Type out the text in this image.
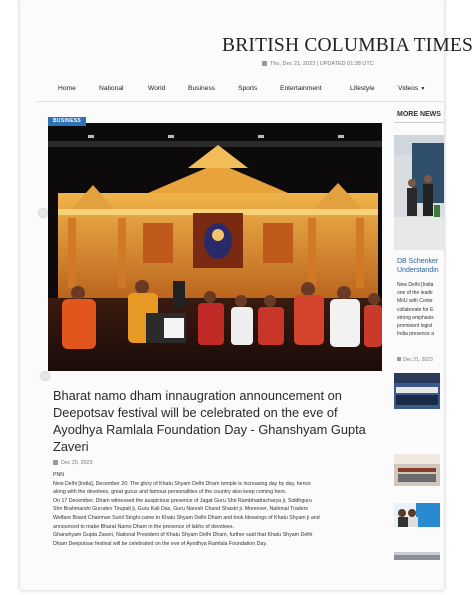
BRITISH COLUMBIA TIMES
Thu, Dec 21, 2023 | UPDATED 01:38 UTC
Home	National	World	Business	Sports	Entertainment	Lifestyle	Videos ▼
BUSINESS
Bharat namo dham innaugration announcement on Deepotsav festival will be celebrated on the eve of Ayodhya Ramlala Foundation Day - Ghanshyam Gupta Zaveri
Dec 20, 2023

PNN

New Delhi [India], December 20: The glory of Khatu Shyam Delhi Dham temple is increasing day by day, hence
along with the devotees, great gurus and famous personalities of the country also keep coming here.

On 17 December, Dham witnessed the auspicious presence of Jagat Guru Shri Rambhadracharya ji, Siddhguru
Shri Brahmarshi Gurudev Tirupati ji, Guru Kali Das, Guru Naresh Chand Shastri ji. Moreover, National Traders
Welfare Board Chairman Sunil Singhi came to Khatu Shyam Delhi Dham and took blessings of Khatu Shyam ji and
announced to make Bharat Namo Dham in the presence of lakhs of devotees.

Ghanshyam Gupta Zaveri, National President of Khatu Shyam Delhi Dham, further said that Khatu Shyam Delhi
Dham Deepotsav festival will be celebrated on the eve of Ayodhya Ramlala Foundation Day.

MORE NEWS
DB Schenker
Understandin
New Delhi [India
one of the leadir
MoU with Conte
collaborate for E
strong emphasis
prominent logist
India presence a
Dec 21, 2023
